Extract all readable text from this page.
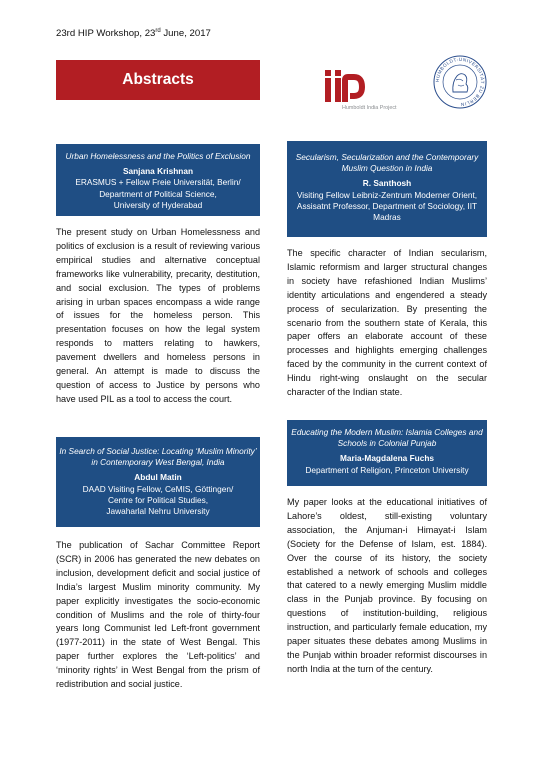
23rd HIP Workshop, 23rd June, 2017
Abstracts
Humboldt India Project
HUMBOLDT-UNIVERSITÄT ZU BERLIN
Urban Homelessness and the Politics of Exclusion
Sanjana Krishnan
ERASMUS + Fellow Freie Universität, Berlin/
Department of Political Science,
University of Hyderabad
The present study on Urban Homelessness and politics of exclusion is a result of reviewing various empirical studies and alternative conceptual frameworks like vulnerability, precarity, destitution, and social exclusion. The types of problems arising in urban spaces encompass a wide range of issues for the homeless person. This presentation focuses on how the legal system responds to matters relating to hawkers, pavement dwellers and homeless persons in general. An attempt is made to discuss the question of access to Justice by persons who have used PIL as a tool to access the court.
In Search of Social Justice: Locating ‘Muslim Minority’
in Contemporary West Bengal, India
Abdul Matin
DAAD Visiting Fellow, CeMIS, Göttingen/
Centre for Political Studies,
Jawaharlal Nehru University
The publication of Sachar Committee Report (SCR) in 2006 has generated the new debates on inclusion, development deficit and social justice of India’s largest Muslim minority community. My paper explicitly investigates the socio-economic condition of Muslims and the role of thirty-four years long Communist led Left-front government (1977-2011) in the state of West Bengal. This paper further explores the ‘Left-politics’ and ‘minority rights’ in West Bengal from the prism of redistribution and social justice.
Secularism, Secularization and the Contemporary
Muslim Question in India
R. Santhosh
Visiting Fellow Leibniz-Zentrum Moderner Orient,
Assisatnt Professor, Department of Sociology, IIT
Madras
The specific character of Indian secularism, Islamic reformism and larger structural changes in society have refashioned Indian Muslims’ identity articulations and engendered a steady process of secularization. By presenting the scenario from the southern state of Kerala, this paper offers an elaborate account of these processes and highlights emerging challenges faced by the community in the current context of Hindu right-wing onslaught on the secular character of the Indian state.
Educating the Modern Muslim: Islamia Colleges and
Schools in Colonial Punjab
Maria-Magdalena Fuchs
Department of Religion, Princeton University
My paper looks at the educational initiatives of Lahore’s oldest, still-existing voluntary association, the Anjuman-i Himayat-i Islam (Society for the Defense of Islam, est. 1884). Over the course of its history, the society established a network of schools and colleges that catered to a newly emerging Muslim middle class in the Punjab province. By focusing on questions of institution-building, religious instruction, and particularly female education, my paper situates these debates among Muslims in the Punjab within broader reformist discourses in north India at the turn of the century.
